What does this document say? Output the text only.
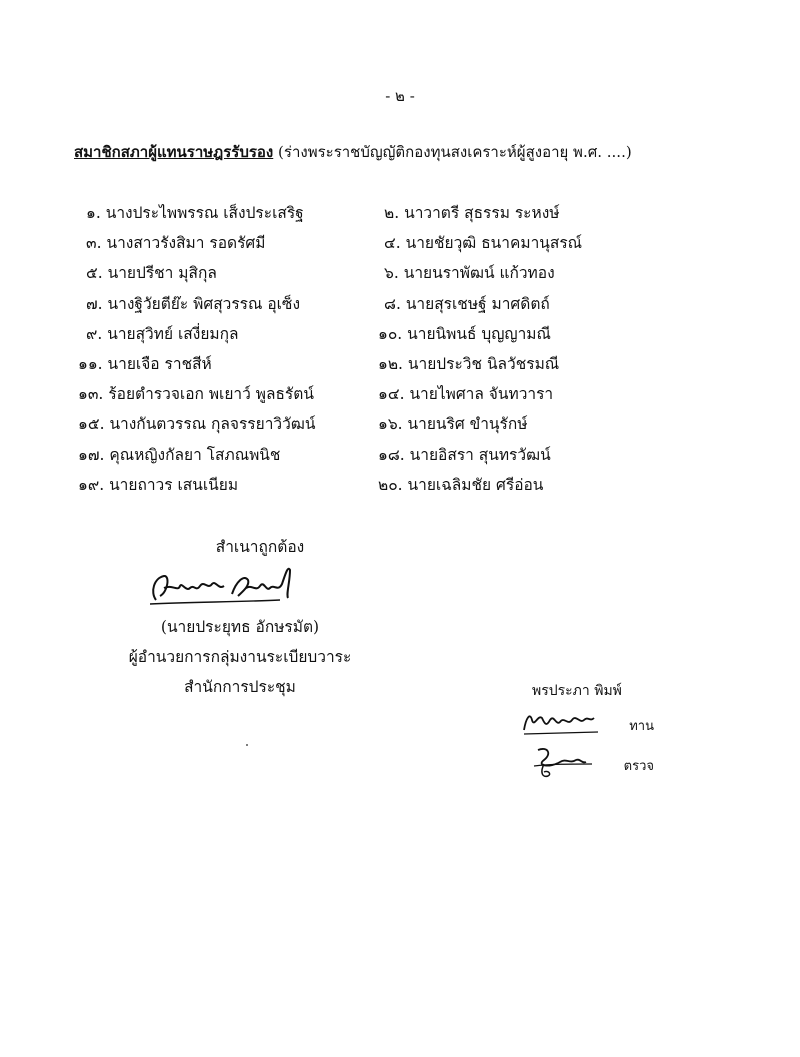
- ๒ -
สมาชิกสภาผู้แทนราษฎรรับรอง (ร่างพระราชบัญญัติกองทุนสงเคราะห์ผู้สูงอายุ พ.ศ. ....)
๑. นางประไพพรรณ เส็งประเสริฐ
๓. นางสาวรังสิมา รอดรัศมี
๕. นายปรีชา มุสิกุล
๗. นางฐิวัยตีย๊ะ พิศสุวรรณ อุเซ็ง
๙. นายสุวิทย์ เสงี่ยมกุล
๑๑. นายเจือ ราชสีห์
๑๓. ร้อยตำรวจเอก พเยาว์ พูลธรัตน์
๑๕. นางกันตวรรณ กุลจรรยาวิวัฒน์
๑๗. คุณหญิงกัลยา โสภณพนิช
๑๙. นายถาวร เสนเนียม
๒. นาวาตรี สุธรรม ระหงษ์
๔. นายชัยวุฒิ ธนาคมานุสรณ์
๖. นายนราพัฒน์ แก้วทอง
๘. นายสุรเชษฐ์ มาศดิตถ์
๑๐. นายนิพนธ์ บุญญามณี
๑๒. นายประวิช นิลวัชรมณี
๑๔. นายไพศาล จันทวารา
๑๖. นายนริศ ขำนุรักษ์
๑๘. นายอิสรา สุนทรวัฒน์
๒๐. นายเฉลิมชัย ศรีอ่อน
สำเนาถูกต้อง
(นายประยุทธ อักษรมัต)
ผู้อำนวยการกลุ่มงานระเบียบวาระ
สำนักการประชุม	พรประภา พิมพ์
ทาน
ตรวจ
